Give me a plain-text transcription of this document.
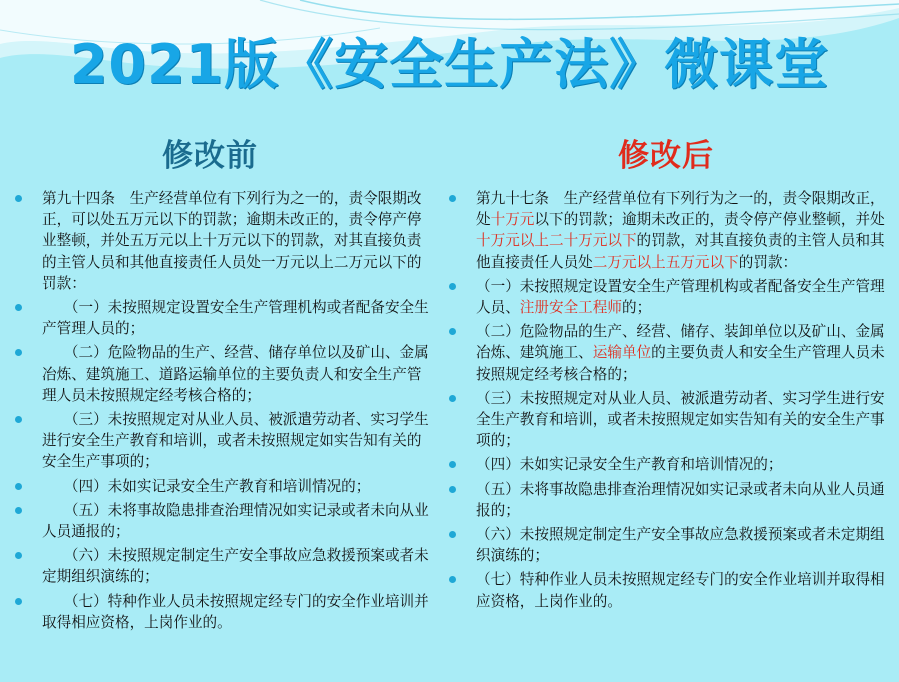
2021版《安全生产法》微课堂
修改前	修改后
第九十四条　生产经营单位有下列行为之一的，责令限期改正，可以处五万元以下的罚款；逾期未改正的，责令停产停业整顿，并处五万元以上十万元以下的罚款，对其直接负责的主管人员和其他直接责任人员处一万元以上二万元以下的罚款：
　　（一）未按照规定设置安全生产管理机构或者配备安全生产管理人员的；
　　（二）危险物品的生产、经营、储存单位以及矿山、金属冶炼、建筑施工、道路运输单位的主要负责人和安全生产管理人员未按照规定经考核合格的；
　　（三）未按照规定对从业人员、被派遣劳动者、实习学生进行安全生产教育和培训，或者未按照规定如实告知有关的安全生产事项的；
　　（四）未如实记录安全生产教育和培训情况的；
　　（五）未将事故隐患排查治理情况如实记录或者未向从业人员通报的；
　　（六）未按照规定制定生产安全事故应急救援预案或者未定期组织演练的；
　　（七）特种作业人员未按照规定经专门的安全作业培训并取得相应资格，上岗作业的。
第九十七条　生产经营单位有下列行为之一的，责令限期改正，处十万元以下的罚款；逾期未改正的，责令停产停业整顿，并处十万元以上二十万元以下的罚款，对其直接负责的主管人员和其他直接责任人员处二万元以上五万元以下的罚款：
（一）未按照规定设置安全生产管理机构或者配备安全生产管理人员、注册安全工程师的；
（二）危险物品的生产、经营、储存、装卸单位以及矿山、金属冶炼、建筑施工、运输单位的主要负责人和安全生产管理人员未按照规定经考核合格的；
（三）未按照规定对从业人员、被派遣劳动者、实习学生进行安全生产教育和培训，或者未按照规定如实告知有关的安全生产事项的；
（四）未如实记录安全生产教育和培训情况的；
（五）未将事故隐患排查治理情况如实记录或者未向从业人员通报的；
（六）未按照规定制定生产安全事故应急救援预案或者未定期组织演练的；
（七）特种作业人员未按照规定经专门的安全作业培训并取得相应资格，上岗作业的。
